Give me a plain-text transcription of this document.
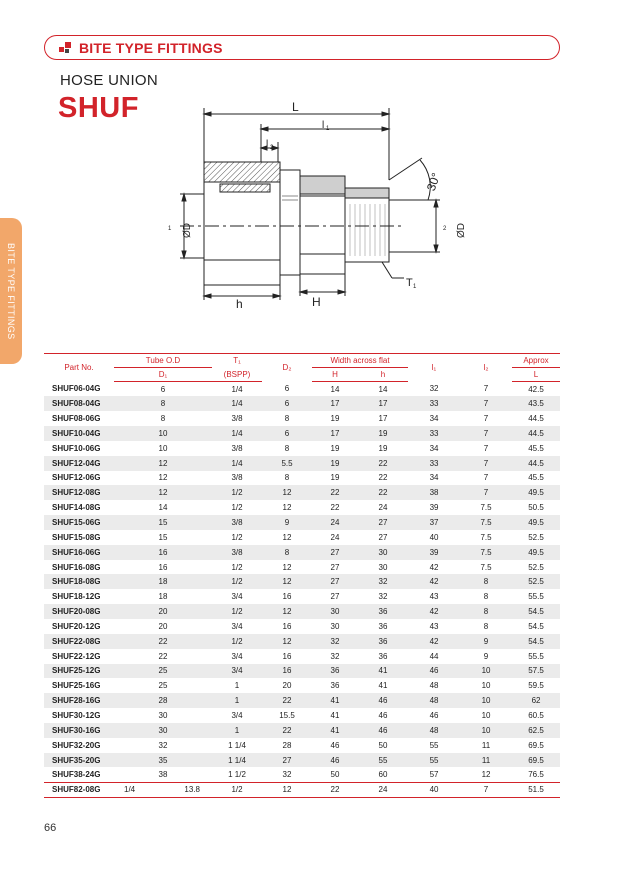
BITE TYPE FITTINGS
HOSE UNION
SHUF
BITE TYPE FITTINGS
L
l 1
l 2
30°
ØD
1	ØD
2
T 1
h	H
Part No.	Tube O.D	T₁	D₂	Width across flat		l₁	l₂	Approx
	D₁	(BSPP)		H	h			L
SHUF06-04G	6	1/4	6	14	14	32	7	42.5
SHUF08-04G	8	1/4	6	17	17	33	7	43.5
SHUF08-06G	8	3/8	8	19	17	34	7	44.5
SHUF10-04G	10	1/4	6	17	19	33	7	44.5
SHUF10-06G	10	3/8	8	19	19	34	7	45.5
SHUF12-04G	12	1/4	5.5	19	22	33	7	44.5
SHUF12-06G	12	3/8	8	19	22	34	7	45.5
SHUF12-08G	12	1/2	12	22	22	38	7	49.5
SHUF14-08G	14	1/2	12	22	24	39	7.5	50.5
SHUF15-06G	15	3/8	9	24	27	37	7.5	49.5
SHUF15-08G	15	1/2	12	24	27	40	7.5	52.5
SHUF16-06G	16	3/8	8	27	30	39	7.5	49.5
SHUF16-08G	16	1/2	12	27	30	42	7.5	52.5
SHUF18-08G	18	1/2	12	27	32	42	8	52.5
SHUF18-12G	18	3/4	16	27	32	43	8	55.5
SHUF20-08G	20	1/2	12	30	36	42	8	54.5
SHUF20-12G	20	3/4	16	30	36	43	8	54.5
SHUF22-08G	22	1/2	12	32	36	42	9	54.5
SHUF22-12G	22	3/4	16	32	36	44	9	55.5
SHUF25-12G	25	3/4	16	36	41	46	10	57.5
SHUF25-16G	25	1	20	36	41	48	10	59.5
SHUF28-16G	28	1	22	41	46	48	10	62
SHUF30-12G	30	3/4	15.5	41	46	46	10	60.5
SHUF30-16G	30	1	22	41	46	48	10	62.5
SHUF32-20G	32	1 1/4	28	46	50	55	11	69.5
SHUF35-20G	35	1 1/4	27	46	55	55	11	69.5
SHUF38-24G	38	1 1/2	32	50	60	57	12	76.5
SHUF82-08G	1/4 13.8	1/2	12	22	24	40	7	51.5
66
